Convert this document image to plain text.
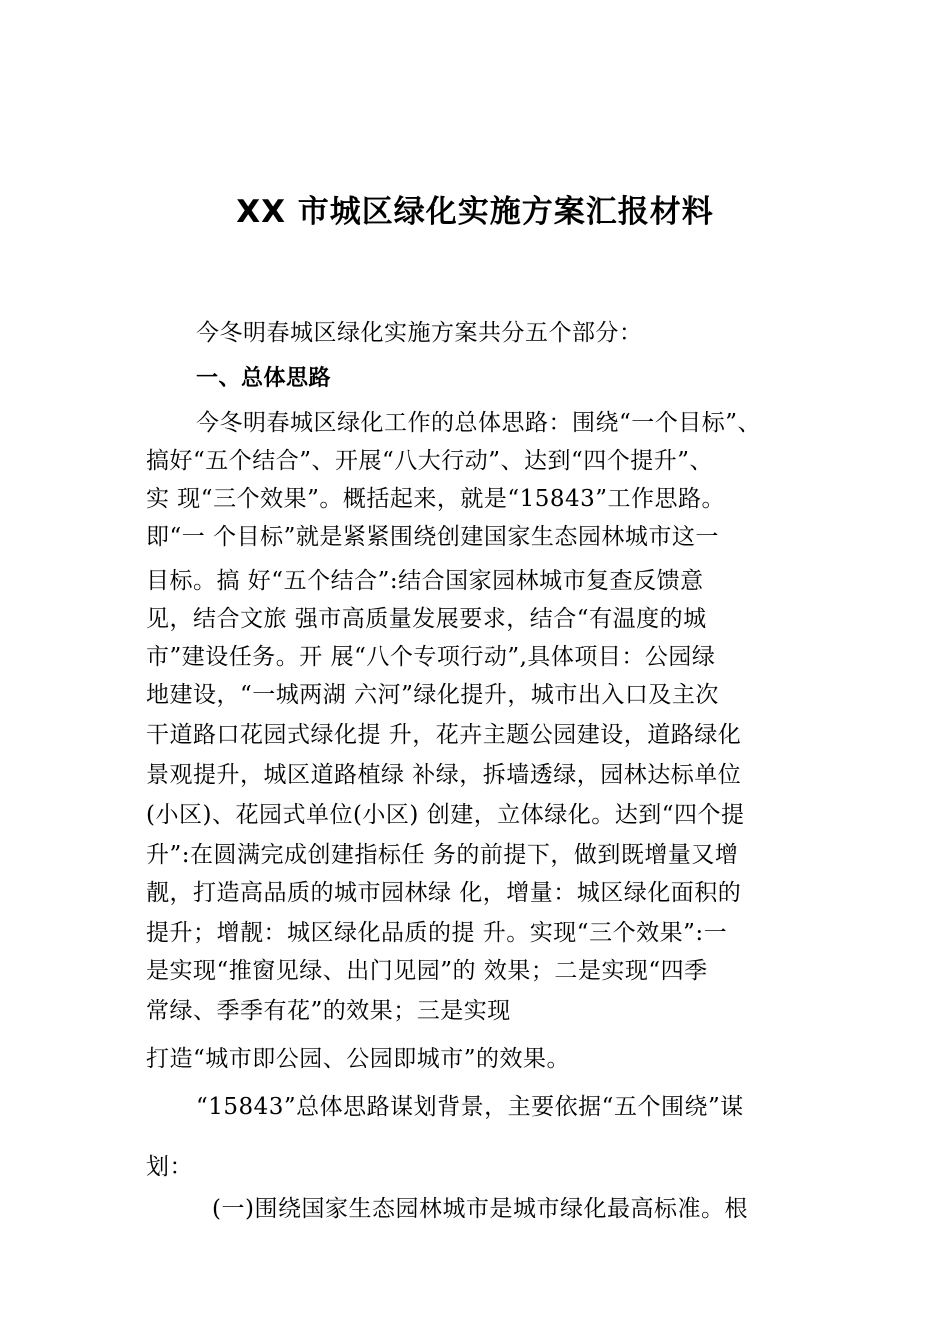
XX 市城区绿化实施方案汇报材料
今冬明春城区绿化实施方案共分五个部分：
一、总体思路
今冬明春城区绿化工作的总体思路：围绕“一个目标”、
搞好“五个结合”、开展“八大行动”、达到“四个提升”、
实 现“三个效果”。概括起来，就是“15843”工作思路。
即“一 个目标”就是紧紧围绕创建国家生态园林城市这一
目标。搞 好“五个结合”:结合国家园林城市复查反馈意
见，结合文旅 强市高质量发展要求，结合“有温度的城
市”建设任务。开 展“八个专项行动”,具体项目：公园绿
地建设，“一城两湖 六河”绿化提升，城市出入口及主次
干道路口花园式绿化提 升，花卉主题公园建设，道路绿化
景观提升，城区道路植绿 补绿，拆墙透绿，园林达标单位
(小区)、花园式单位(小区) 创建，立体绿化。达到“四个提
升”:在圆满完成创建指标任 务的前提下，做到既增量又增
靓，打造高品质的城市园林绿 化，增量：城区绿化面积的
提升；增靓：城区绿化品质的提 升。实现“三个效果”:一
是实现“推窗见绿、出门见园”的 效果；二是实现“四季
常绿、季季有花”的效果；三是实现
打造“城市即公园、公园即城市”的效果。
“15843”总体思路谋划背景，主要依据“五个围绕”谋
划：
(一)围绕国家生态园林城市是城市绿化最高标准。根
